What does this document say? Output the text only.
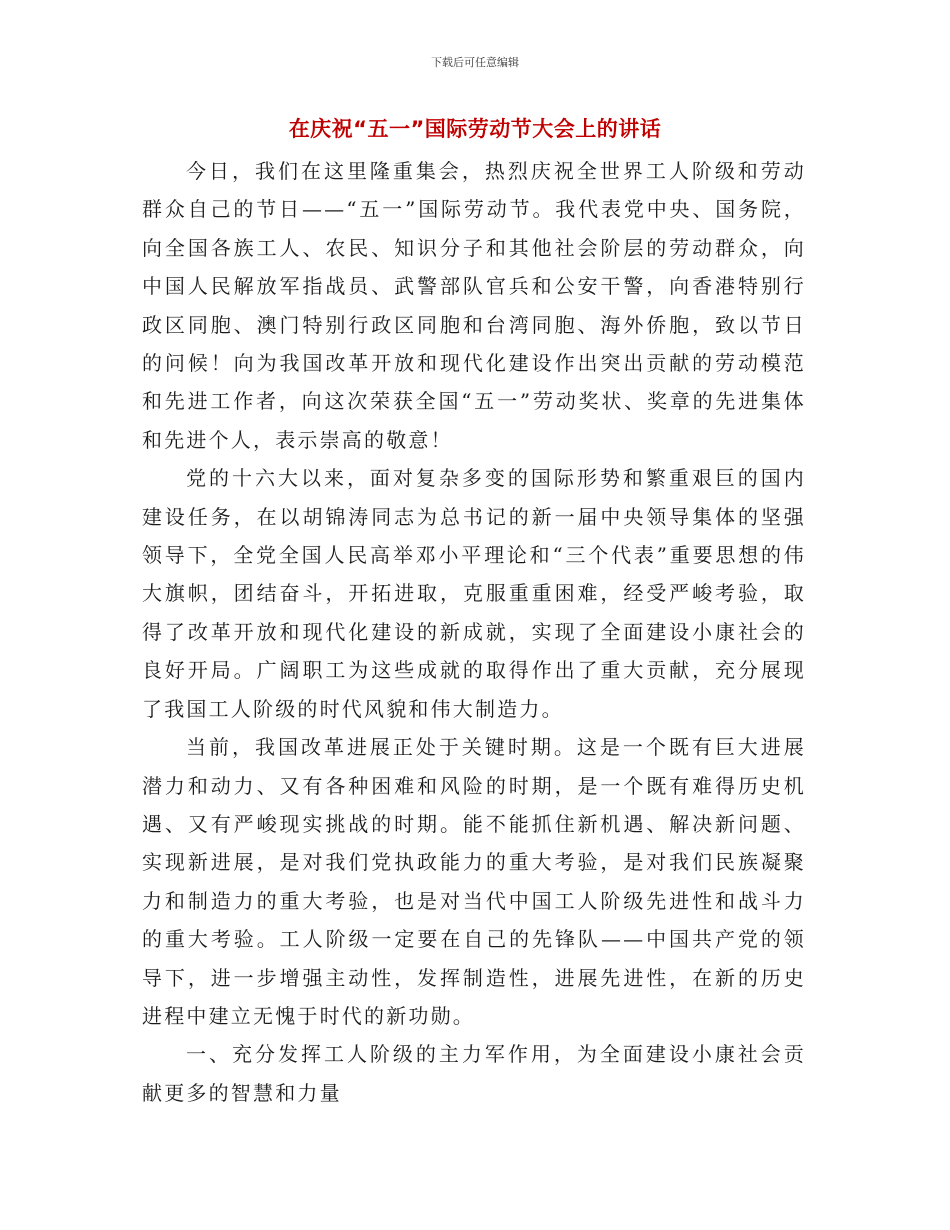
下载后可任意编辑
在庆祝“五一”国际劳动节大会上的讲话

今日，我们在这里隆重集会，热烈庆祝全世界工人阶级和劳动群众自己的节日——“五一”国际劳动节。我代表党中央、国务院，向全国各族工人、农民、知识分子和其他社会阶层的劳动群众，向中国人民解放军指战员、武警部队官兵和公安干警，向香港特别行政区同胞、澳门特别行政区同胞和台湾同胞、海外侨胞，致以节日的问候！向为我国改革开放和现代化建设作出突出贡献的劳动模范和先进工作者，向这次荣获全国“五一”劳动奖状、奖章的先进集体和先进个人，表示崇高的敬意！

党的十六大以来，面对复杂多变的国际形势和繁重艰巨的国内建设任务，在以胡锦涛同志为总书记的新一届中央领导集体的坚强领导下，全党全国人民高举邓小平理论和“三个代表”重要思想的伟大旗帜，团结奋斗，开拓进取，克服重重困难，经受严峻考验，取得了改革开放和现代化建设的新成就，实现了全面建设小康社会的良好开局。广阔职工为这些成就的取得作出了重大贡献，充分展现了我国工人阶级的时代风貌和伟大制造力。

当前，我国改革进展正处于关键时期。这是一个既有巨大进展潜力和动力、又有各种困难和风险的时期，是一个既有难得历史机遇、又有严峻现实挑战的时期。能不能抓住新机遇、解决新问题、实现新进展，是对我们党执政能力的重大考验，是对我们民族凝聚力和制造力的重大考验，也是对当代中国工人阶级先进性和战斗力的重大考验。工人阶级一定要在自己的先锋队——中国共产党的领导下，进一步增强主动性，发挥制造性，进展先进性，在新的历史进程中建立无愧于时代的新功勋。

一、充分发挥工人阶级的主力军作用，为全面建设小康社会贡献更多的智慧和力量
